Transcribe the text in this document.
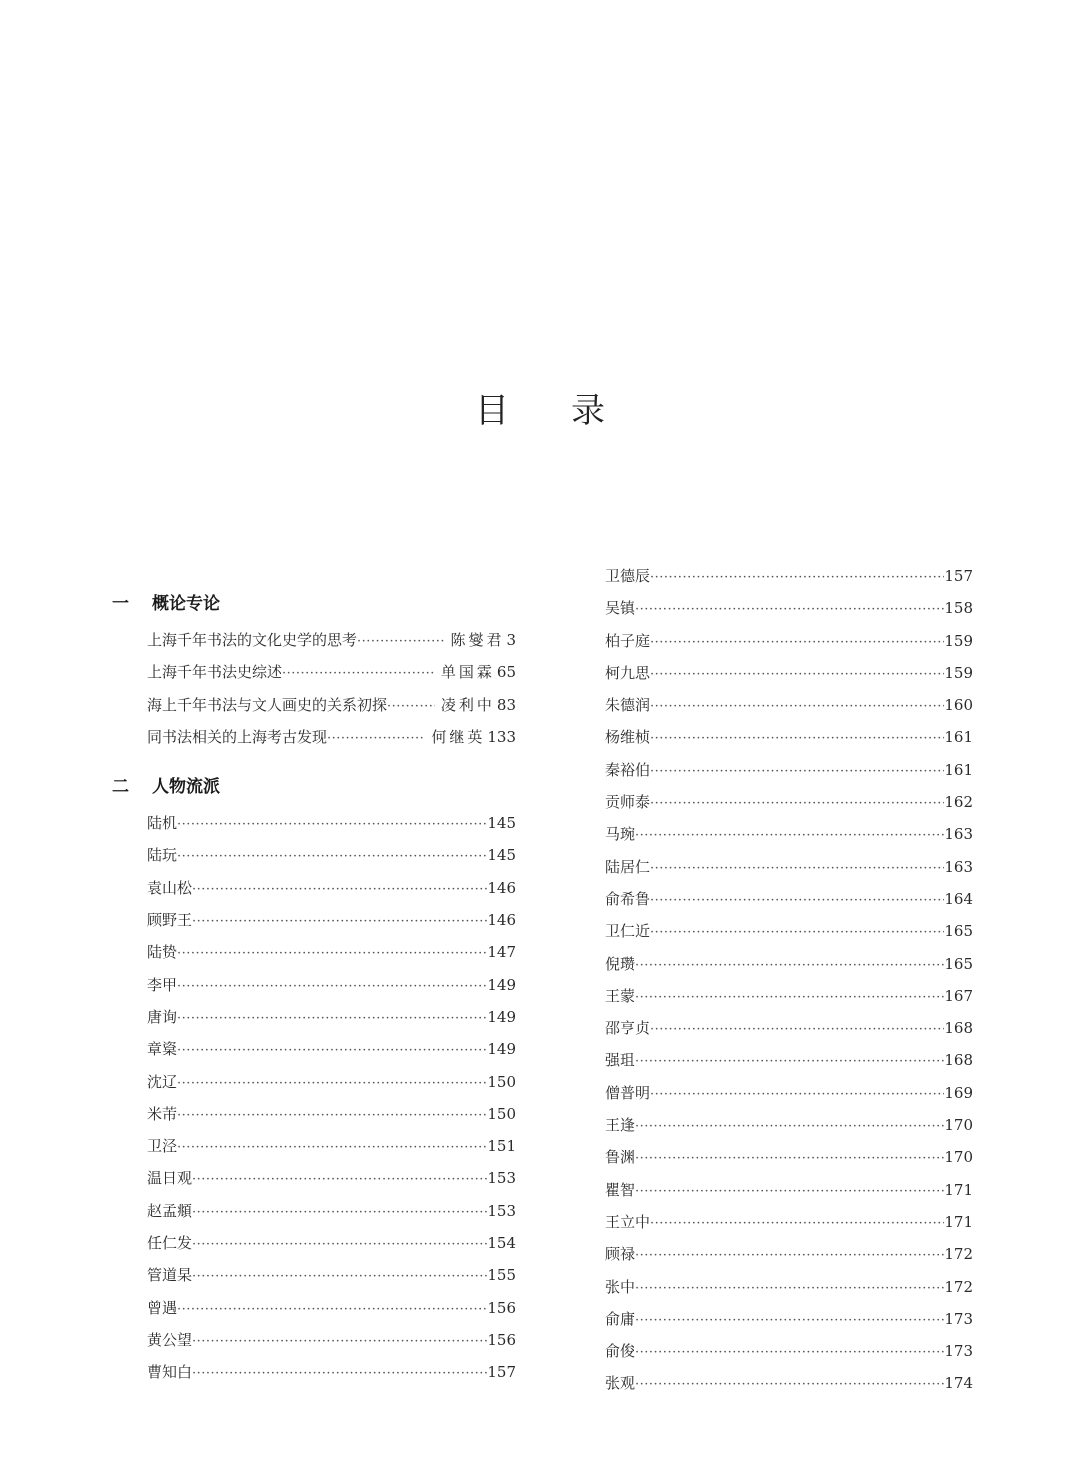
目 录
一	概论专论
上海千年书法的文化史学的思考 ·····	陈燮君 3
上海千年书法史综述 ·····	单国霖 65
海上千年书法与文人画史的关系初探 ·····	凌利中 83
同书法相关的上海考古发现 ·····	何继英 133
二	人物流派
陆机 ·····	145
陆玩 ·····	145
袁山松 ·····	146
顾野王 ·····	146
陆贽 ·····	147
李甲 ·····	149
唐询 ·····	149
章楶 ·····	149
沈辽 ·····	150
米芾 ·····	150
卫泾 ·····	151
温日观 ·····	153
赵孟頫 ·····	153
任仁发 ·····	154
管道杲 ·····	155
曾遇 ·····	156
黄公望 ·····	156
曹知白 ·····	157
卫德辰 ·····	157
吴镇 ·····	158
柏子庭 ·····	159
柯九思 ·····	159
朱德润 ·····	160
杨维桢 ·····	161
秦裕伯 ·····	161
贡师泰 ·····	162
马琬 ·····	163
陆居仁 ·····	163
俞希鲁 ·····	164
卫仁近 ·····	165
倪瓒 ·····	165
王蒙 ·····	167
邵亨贞 ·····	168
强珇 ·····	168
僧普明 ·····	169
王逢 ·····	170
鲁渊 ·····	170
瞿智 ·····	171
王立中 ·····	171
顾禄 ·····	172
张中 ·····	172
俞庸 ·····	173
俞俊 ·····	173
张观 ·····	174
